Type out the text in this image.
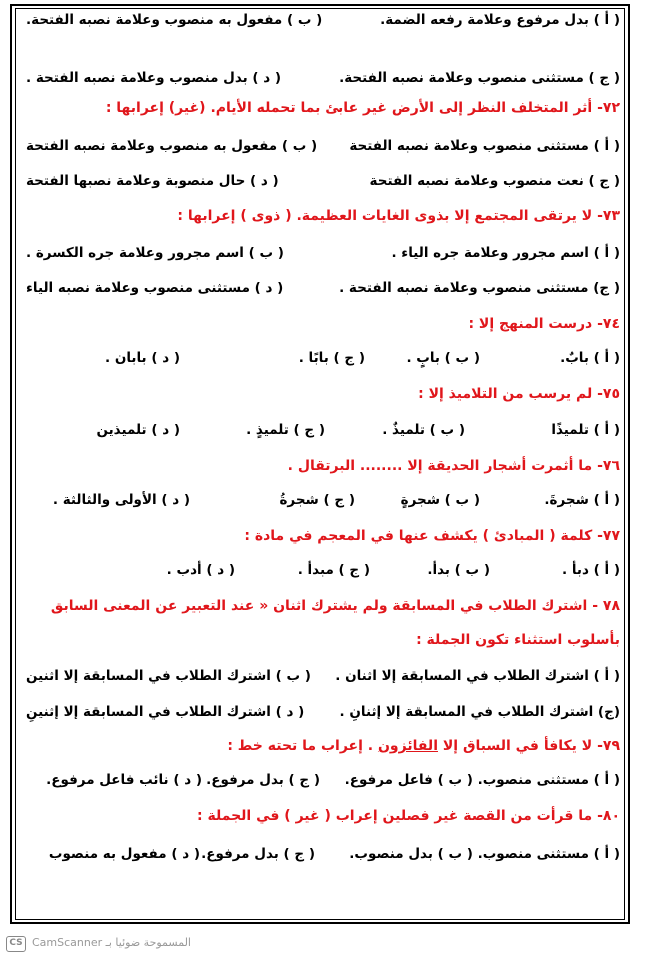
( أ ) بدل مرفوع وعلامة رفعه الضمة.
( ب ) مفعول به منصوب وعلامة نصبه الفتحة.
( ج ) مستثنى منصوب وعلامة نصبه الفتحة.
( د ) بدل منصوب وعلامة نصبه الفتحة .
٧٢- أثر المتخلف النظر إلى الأرض غير عابئ بما تحمله الأيام. (غير) إعرابها :
( أ ) مستثنى منصوب وعلامة نصبه الفتحة
( ب ) مفعول به منصوب وعلامة نصبه الفتحة
( ج ) نعت منصوب وعلامة نصبه الفتحة
( د ) حال منصوبة وعلامة نصبها الفتحة
٧٣- لا يرتقى المجتمع إلا بذوى الغايات العظيمة. ( ذوى ) إعرابها :
( أ ) اسم مجرور وعلامة جره الياء .
( ب ) اسم مجرور وعلامة جره الكسرة .
( ج) مستثنى منصوب وعلامة نصبه الفتحة .
( د ) مستثنى منصوب وعلامة نصبه الياء
٧٤- درست المنهج إلا :
( أ ) بابٌ.
( ب ) بابٍ .
( ج ) بابًا .
( د ) بابان .
٧٥- لم يرسب من التلاميذ إلا :
( أ ) تلميذًا
( ب ) تلميذٌ .
( ج ) تلميذٍ .
( د ) تلميذين
٧٦- ما أثمرت أشجار الحديقة إلا ........ البرتقال .
( أ ) شجرةَ.
( ب ) شجرةٍ
( ج ) شجرةُ
( د ) الأولى والثالثة .
٧٧- كلمة ( المبادئ ) يكشف عنها في المعجم في مادة :
( أ ) دبأ .
( ب ) بدأ.
( ج ) مبدأ .
( د ) أدب .
٧٨ - اشترك الطلاب في المسابقة ولم يشترك اثنان « عند التعبير عن المعنى السابق
بأسلوب استثناء تكون الجملة :
( أ ) اشترك الطلاب في المسابقة إلا اثنان .
( ب ) اشترك الطلاب في المسابقة إلا اثنين
(ج) اشترك الطلاب في المسابقة إلا إثنانِ .
( د ) اشترك الطلاب في المسابقة إلا إثنينِ
٧٩- لا يكافأ في السباق إلا الفائزون . إعراب ما تحته خط :
( أ ) مستثنى منصوب. ( ب ) فاعل مرفوع.
( ج ) بدل مرفوع.
( د ) نائب فاعل مرفوع.
٨٠- ما قرأت من القصة غير فصلين إعراب ( غير ) في الجملة :
( أ ) مستثنى منصوب. ( ب ) بدل منصوب.
( ج ) بدل مرفوع.
( د ) مفعول به منصوب
CS CamScanner المسموحة ضوئيا بـ
